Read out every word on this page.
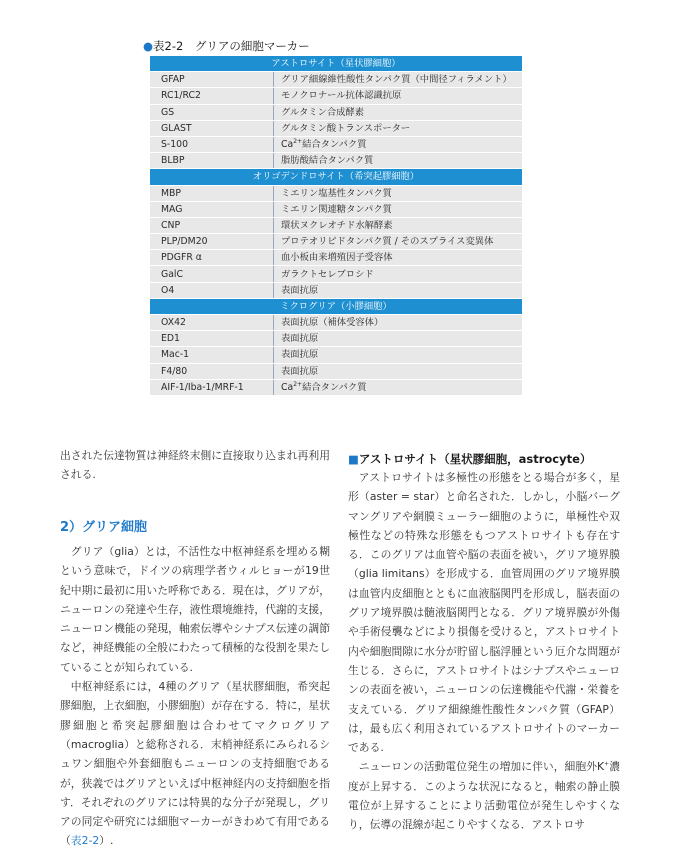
●表2-2　グリアの細胞マーカー
アストロサイト（星状膠細胞）	
GFAP	グリア細線維性酸性タンパク質（中間径フィラメント）
RC1/RC2	モノクロナール抗体認識抗原
GS	グルタミン合成酵素
GLAST	グルタミン酸トランスポーター
S-100	$Ca^{2+}$結合タンパク質
BLBP	脂肪酸結合タンパク質
オリゴデンドロサイト（希突起膠細胞）	
MBP	ミエリン塩基性タンパク質
MAG	ミエリン関連糖タンパク質
CNP	環状ヌクレオチド水解酵素
PLP/DM20	プロテオリピドタンパク質 / そのスプライス変異体
PDGFR α	血小板由来増殖因子受容体
GalC	ガラクトセレブロシド
O4	表面抗原
ミクログリア（小膠細胞）	
OX42	表面抗原（補体受容体）
ED1	表面抗原
Mac-1	表面抗原
F4/80	表面抗原
AIF-1/Iba-1/MRF-1	$Ca^{2+}$結合タンパク質

出された伝達物質は神経終末側に直接取り込まれ再利用される.

2）グリア細胞

グリア（glia）とは，不活性な中枢神経系を埋める糊という意味で，ドイツの病理学者ウィルヒョーが19世紀中期に最初に用いた呼称である．現在は，グリアが，ニューロンの発達や生存，液性環境維持，代謝的支援，ニューロン機能の発現，軸索伝導やシナプス伝達の調節など，神経機能の全般にわたって積極的な役割を果たしていることが知られている.

中枢神経系には，4種のグリア（星状膠細胞，希突起膠細胞，上衣細胞，小膠細胞）が存在する．特に，星状膠細胞と希突起膠細胞は合わせてマクログリア（macroglia）と総称される．末梢神経系にみられるシュワン細胞や外套細胞もニューロンの支持細胞であるが，狭義ではグリアといえば中枢神経内の支持細胞を指す．それぞれのグリアには特異的な分子が発現し，グリアの同定や研究には細胞マーカーがきわめて有用である（表2-2）.

■アストロサイト（星状膠細胞，astrocyte）

アストロサイトは多極性の形態をとる場合が多く，星形（aster = star）と命名された．しかし，小脳バーグマングリアや網膜ミューラー細胞のように，単極性や双極性などの特殊な形態をもつアストロサイトも存在する．このグリアは血管や脳の表面を被い，グリア境界膜（glia limitans）を形成する．血管周囲のグリア境界膜は血管内皮細胞とともに血液脳関門を形成し，脳表面のグリア境界膜は髄液脳関門となる．グリア境界膜が外傷や手術侵襲などにより損傷を受けると，アストロサイト内や細胞間隙に水分が貯留し脳浮腫という厄介な問題が生じる．さらに，アストロサイトはシナプスやニューロンの表面を被い，ニューロンの伝達機能や代謝・栄養を支えている．グリア細線維性酸性タンパク質（GFAP）は，最も広く利用されているアストロサイトのマーカーである.

ニューロンの活動電位発生の増加に伴い，細胞外K+濃度が上昇する．このような状況になると，軸索の静止膜電位が上昇することにより活動電位が発生しやすくなり，伝導の混線が起こりやすくなる．アストロサ
